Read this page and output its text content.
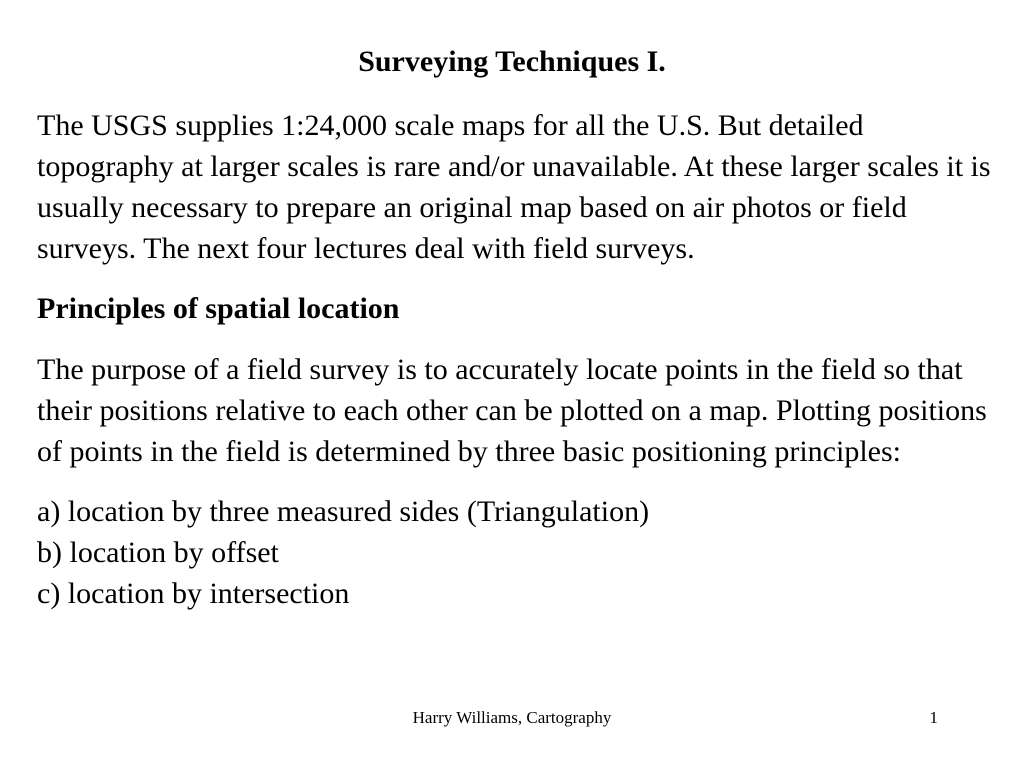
Surveying Techniques I.

The USGS supplies 1:24,000 scale maps for all the U.S. But detailed topography at larger scales is rare and/or unavailable. At these larger scales it is usually necessary to prepare an original map based on air photos or field surveys. The next four lectures deal with field surveys.

Principles of spatial location

The purpose of a field survey is to accurately locate points in the field so that their positions relative to each other can be plotted on a map. Plotting positions of points in the field is determined by three basic positioning principles:

a) location by three measured sides (Triangulation)
b) location by offset
c) location by intersection
Harry Williams, Cartography	1
